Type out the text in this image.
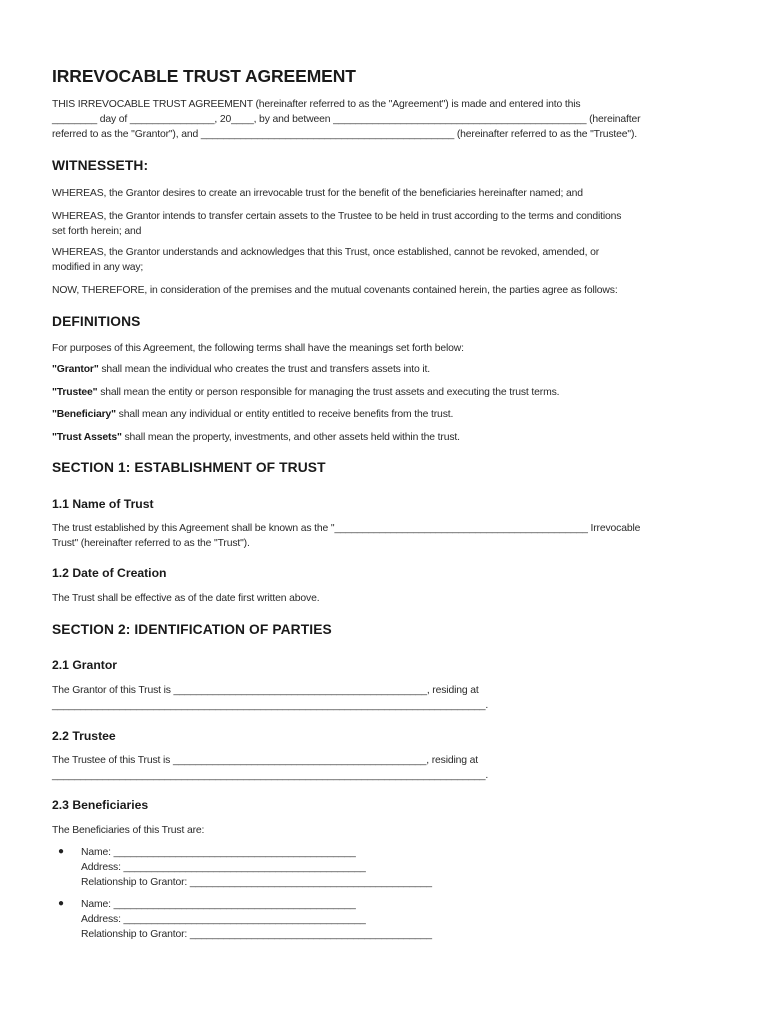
IRREVOCABLE TRUST AGREEMENT

THIS IRREVOCABLE TRUST AGREEMENT (hereinafter referred to as the "Agreement") is made and entered into this

________ day of _______________, 20____, by and between _____________________________________________ (hereinafter

referred to as the "Grantor"), and _____________________________________________ (hereinafter referred to as the "Trustee").

WITNESSETH:

WHEREAS, the Grantor desires to create an irrevocable trust for the benefit of the beneficiaries hereinafter named; and

WHEREAS, the Grantor intends to transfer certain assets to the Trustee to be held in trust according to the terms and conditions

set forth herein; and

WHEREAS, the Grantor understands and acknowledges that this Trust, once established, cannot be revoked, amended, or

modified in any way;

NOW, THEREFORE, in consideration of the premises and the mutual covenants contained herein, the parties agree as follows:

DEFINITIONS

For purposes of this Agreement, the following terms shall have the meanings set forth below:

"Grantor" shall mean the individual who creates the trust and transfers assets into it.

"Trustee" shall mean the entity or person responsible for managing the trust assets and executing the trust terms.

"Beneficiary" shall mean any individual or entity entitled to receive benefits from the trust.

"Trust Assets" shall mean the property, investments, and other assets held within the trust.

SECTION 1: ESTABLISHMENT OF TRUST
1.1 Name of Trust

The trust established by this Agreement shall be known as the "_____________________________________________ Irrevocable

Trust" (hereinafter referred to as the "Trust").

1.2 Date of Creation

The Trust shall be effective as of the date first written above.

SECTION 2: IDENTIFICATION OF PARTIES
2.1 Grantor

The Grantor of this Trust is _____________________________________________, residing at

_____________________________________________________________________________.

2.2 Trustee

The Trustee of this Trust is _____________________________________________, residing at

_____________________________________________________________________________.

2.3 Beneficiaries

The Beneficiaries of this Trust are:

● Name: ___________________________________________

Address: ___________________________________________

Relationship to Grantor: ___________________________________________

● Name: ___________________________________________

Address: ___________________________________________

Relationship to Grantor: ___________________________________________
